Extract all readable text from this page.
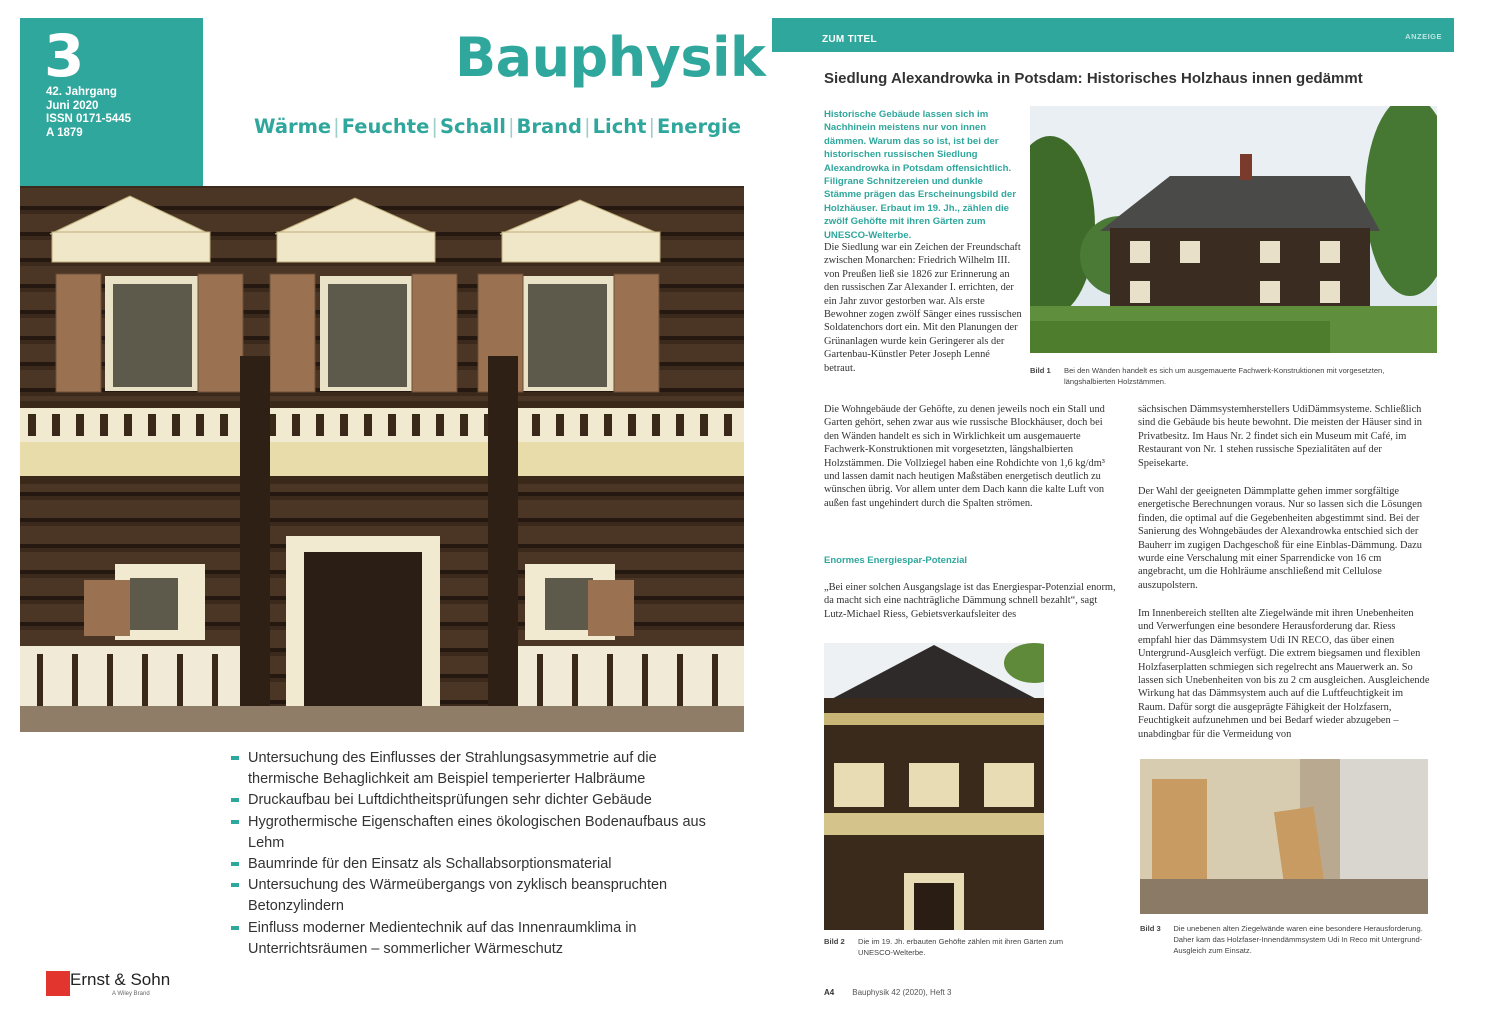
3
42. Jahrgang
Juni 2020
ISSN 0171-5445
A 1879
Bauphysik
Wärme | Feuchte | Schall | Brand | Licht | Energie
Untersuchung des Einflusses der Strahlungsasymmetrie auf die thermische Behaglichkeit am Beispiel temperierter Halbräume
Druckaufbau bei Luftdichtheitsprüfungen sehr dichter Gebäude
Hygrothermische Eigenschaften eines ökologischen Bodenaufbaus aus Lehm
Baumrinde für den Einsatz als Schallabsorptionsmaterial
Untersuchung des Wärmeübergangs von zyklisch beanspruchten Betonzylindern
Einfluss moderner Medientechnik auf das Innenraumklima in Unterrichtsräumen – sommerlicher Wärmeschutz
Ernst & Sohn
A Wiley Brand
ZUM TITEL	ANZEIGE
Siedlung Alexandrowka in Potsdam: Historisches Holzhaus innen gedämmt
Historische Gebäude lassen sich im Nachhinein meistens nur von innen dämmen. Warum das so ist, ist bei der historischen russischen Siedlung Alexandrowka in Potsdam offensichtlich. Filigrane Schnitzereien und dunkle Stämme prägen das Erscheinungsbild der Holzhäuser. Erbaut im 19. Jh., zählen die zwölf Gehöfte mit ihren Gärten zum UNESCO-Welterbe.
Die Siedlung war ein Zeichen der Freundschaft zwischen Monarchen: Friedrich Wilhelm III. von Preußen ließ sie 1826 zur Erinnerung an den russischen Zar Alexander I. errichten, der ein Jahr zuvor gestorben war. Als erste Bewohner zogen zwölf Sänger eines russischen Soldatenchors dort ein. Mit den Planungen der Grünanlagen wurde kein Geringerer als der Gartenbau-Künstler Peter Joseph Lenné betraut.	Bild 1	Bei den Wänden handelt es sich um ausgemauerte Fachwerk-Konstruktionen mit vorgesetzten, längshalbierten Holzstämmen.
Die Wohngebäude der Gehöfte, zu denen jeweils noch ein Stall und Garten gehört, sehen zwar aus wie russische Blockhäuser, doch bei den Wänden handelt es sich in Wirklichkeit um ausgemauerte Fachwerk-Konstruktionen mit vorgesetzten, längshalbierten Holzstämmen. Die Vollziegel haben eine Rohdichte von 1,6 kg/dm³ und lassen damit nach heutigen Maßstäben energetisch deutlich zu wünschen übrig. Vor allem unter dem Dach kann die kalte Luft von außen fast ungehindert durch die Spalten strömen.
Enormes Energiespar-Potenzial
„Bei einer solchen Ausgangslage ist das Energiespar-Potenzial enorm, da macht sich eine nachträgliche Dämmung schnell bezahlt“, sagt Lutz-Michael Riess, Gebietsverkaufsleiter des
Bild 2	Die im 19. Jh. erbauten Gehöfte zählen mit ihren Gärten zum UNESCO-Welterbe.
sächsischen Dämmsystemherstellers UdiDämmsysteme. Schließlich sind die Gebäude bis heute bewohnt. Die meisten der Häuser sind in Privatbesitz. Im Haus Nr. 2 findet sich ein Museum mit Café, im Restaurant von Nr. 1 stehen russische Spezialitäten auf der Speisekarte.
Der Wahl der geeigneten Dämmplatte gehen immer sorgfältige energetische Berechnungen voraus. Nur so lassen sich die Lösungen finden, die optimal auf die Gegebenheiten abgestimmt sind. Bei der Sanierung des Wohngebäudes der Alexandrowka entschied sich der Bauherr im zugigen Dachgeschoß für eine Einblas-Dämmung. Dazu wurde eine Verschalung mit einer Sparrendicke von 16 cm angebracht, um die Hohlräume anschließend mit Cellulose auszupolstern.
Im Innenbereich stellten alte Ziegelwände mit ihren Unebenheiten und Verwerfungen eine besondere Herausforderung dar. Riess empfahl hier das Dämmsystem Udi IN RECO, das über einen Untergrund-Ausgleich verfügt. Die extrem biegsamen und flexiblen Holzfaserplatten schmiegen sich regelrecht ans Mauerwerk an. So lassen sich Unebenheiten von bis zu 2 cm ausgleichen. Ausgleichende Wirkung hat das Dämmsystem auch auf die Luftfeuchtigkeit im Raum. Dafür sorgt die ausgeprägte Fähigkeit der Holzfasern, Feuchtigkeit aufzunehmen und bei Bedarf wieder abzugeben – unabdingbar für die Vermeidung von
Bild 3	Die unebenen alten Ziegelwände waren eine besondere Herausforderung. Daher kam das Holzfaser-Innendämmsystem Udi In Reco mit Untergrund-Ausgleich zum Einsatz.
A4 Bauphysik 42 (2020), Heft 3
